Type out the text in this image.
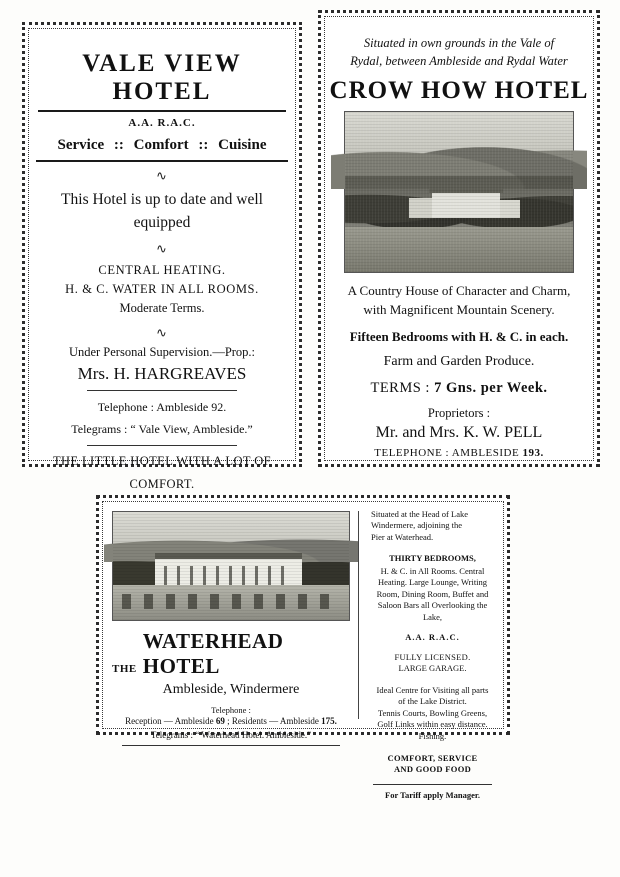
VALE VIEW HOTEL
A.A. R.A.C.
Service :: Comfort :: Cuisine
∿
This Hotel is up to date and well equipped
∿
CENTRAL HEATING.
H. & C. WATER IN ALL ROOMS.
Moderate Terms.
∿
Under Personal Supervision.—Prop.:
Mrs. H. HARGREAVES
Telephone : Ambleside 92.
Telegrams : “ Vale View, Ambleside.”
THE LITTLE HOTEL WITH A LOT OF
COMFORT.
Situated in own grounds in the Vale of
Rydal, between Ambleside and Rydal Water
CROW HOW HOTEL
A Country House of Character and Charm,
with Magnificent Mountain Scenery.
Fifteen Bedrooms with H. & C. in each.
Farm and Garden Produce.
TERMS : 7 Gns. per Week.
Proprietors :
Mr. and Mrs. K. W. PELL
TELEPHONE : AMBLESIDE 193.
THE
WATERHEAD HOTEL
Ambleside, Windermere
Telephone :
Reception — Ambleside 69 ; Residents — Ambleside 175.
Telegrams : “ Waterhead Hotel. Ambleside.”
Situated at the Head of Lake
Windermere, adjoining the
Pier at Waterhead.
THIRTY BEDROOMS,
H. & C. in All Rooms. Central
Heating. Large Lounge, Writing
Room, Dining Room, Buffet and
Saloon Bars all Overlooking the
Lake,
A.A. R.A.C.
FULLY LICENSED.
LARGE GARAGE.
Ideal Centre for Visiting all parts
of the Lake District.
Tennis Courts, Bowling Greens,
Golf Links within easy distance.
Fishing.
COMFORT, SERVICE
AND GOOD FOOD
For Tariff apply Manager.
